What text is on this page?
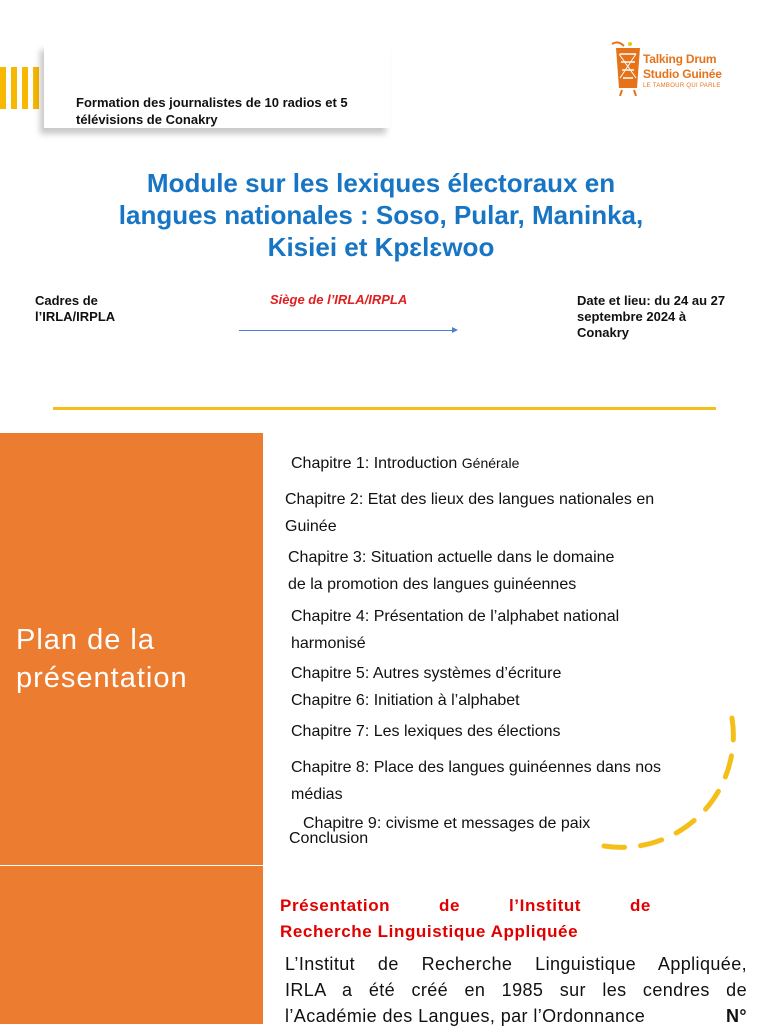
Formation des journalistes de 10 radios et 5 télévisions de Conakry
Talking Drum
Studio Guinée
LE TAMBOUR QUI PARLE
Module sur les lexiques électoraux en langues nationales : Soso, Pular, Maninka, Kisiei et Kpɛlɛwoo
Cadres de l’IRLA/IRPLA
Siège de l’IRLA/IRPLA	Date et lieu: du 24 au 27 septembre 2024 à Conakry
Plan de la présentation
Chapitre 1: Introduction Générale
Chapitre 2: Etat des lieux des langues nationales en Guinée
Chapitre 3: Situation actuelle dans le domaine
de la promotion des langues guinéennes
Chapitre 4: Présentation de l’alphabet national harmonisé
Chapitre 5: Autres systèmes d’écriture
Chapitre 6: Initiation à l’alphabet
Chapitre 7: Les lexiques des élections
Chapitre 8: Place des langues guinéennes dans nos médias
Chapitre 9: civisme et messages de paix
Conclusion
Présentation de l’Institut de
Recherche Linguistique Appliquée
L’Institut de Recherche Linguistique Appliquée,
IRLA a été créé en 1985 sur les cendres de
l’Académie des Langues, par l’Ordonnance	N°
